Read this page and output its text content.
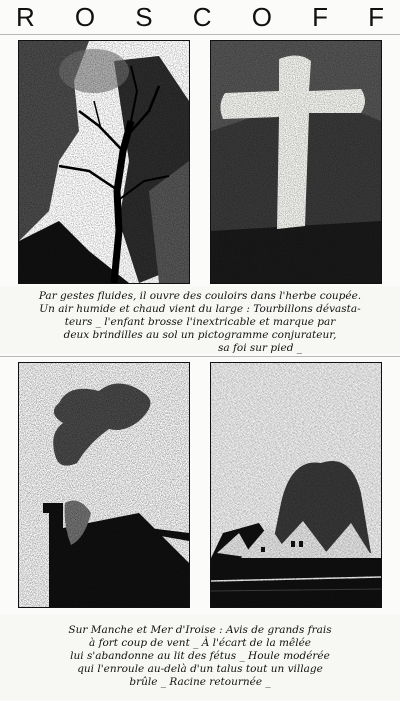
R O S C O F F
Par gestes fluides, il ouvre des couloirs dans l'herbe coupée.
Un air humide et chaud vient du large : Tourbillons dévasta-
teurs _ l'enfant brosse l'inextricable et marque par
deux brindilles au sol un pictogramme conjurateur,
sa foi sur pied _
Sur Manche et Mer d'Iroise : Avis de grands frais
à fort coup de vent _ À l'écart de la mêlée
lui s'abandonne au lit des fétus _ Houle modérée
qui l'enroule au-delà d'un talus tout un village
brûle _ Racine retournée _
